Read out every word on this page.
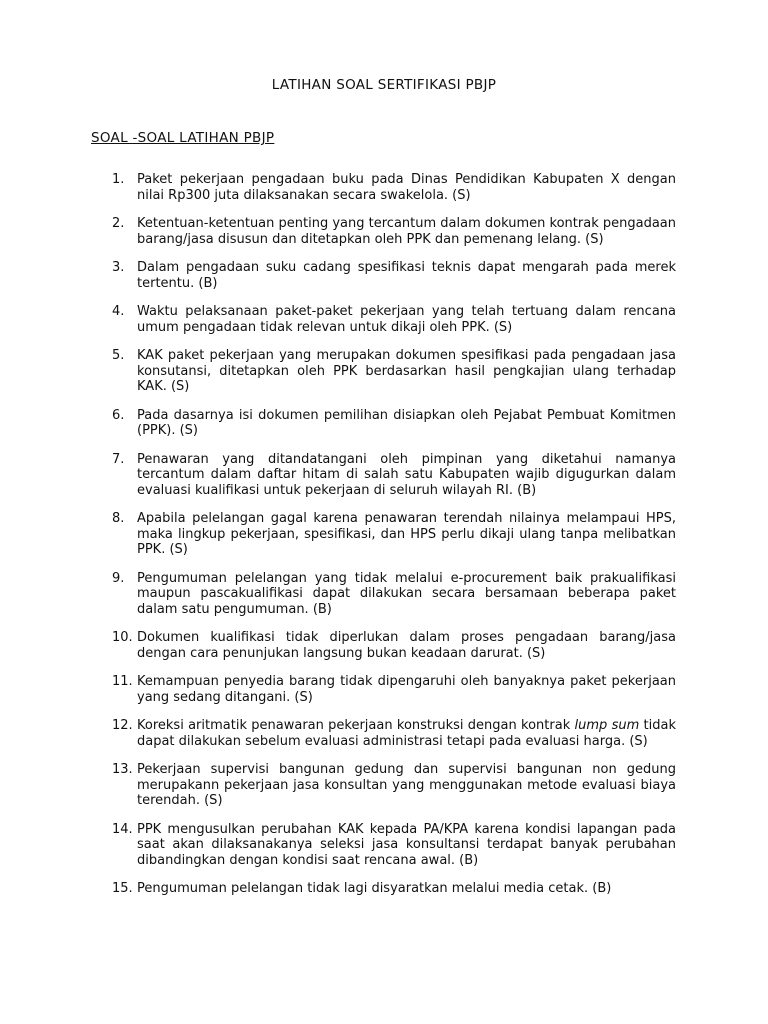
LATIHAN SOAL SERTIFIKASI PBJP
SOAL -SOAL LATIHAN PBJP
1. Paket pekerjaan pengadaan buku pada Dinas Pendidikan Kabupaten X dengan nilai Rp300 juta dilaksanakan secara swakelola. (S)
2. Ketentuan-ketentuan penting yang tercantum dalam dokumen kontrak pengadaan barang/jasa disusun dan ditetapkan oleh PPK dan pemenang lelang. (S)
3. Dalam pengadaan suku cadang spesifikasi teknis dapat mengarah pada merek tertentu. (B)
4. Waktu pelaksanaan paket-paket pekerjaan yang telah tertuang dalam rencana umum pengadaan tidak relevan untuk dikaji oleh PPK. (S)
5. KAK paket pekerjaan yang merupakan dokumen spesifikasi pada pengadaan jasa konsutansi, ditetapkan oleh PPK berdasarkan hasil pengkajian ulang terhadap KAK. (S)
6. Pada dasarnya isi dokumen pemilihan disiapkan oleh Pejabat Pembuat Komitmen (PPK). (S)
7. Penawaran yang ditandatangani oleh pimpinan yang diketahui namanya tercantum dalam daftar hitam di salah satu Kabupaten wajib digugurkan dalam evaluasi kualifikasi untuk pekerjaan di seluruh wilayah RI. (B)
8. Apabila pelelangan gagal karena penawaran terendah nilainya melampaui HPS, maka lingkup pekerjaan, spesifikasi, dan HPS perlu dikaji ulang tanpa melibatkan PPK. (S)
9. Pengumuman pelelangan yang tidak melalui e-procurement baik prakualifikasi maupun pascakualifikasi dapat dilakukan secara bersamaan beberapa paket dalam satu pengumuman. (B)
10. Dokumen kualifikasi tidak diperlukan dalam proses pengadaan barang/jasa dengan cara penunjukan langsung bukan keadaan darurat. (S)
11. Kemampuan penyedia barang tidak dipengaruhi oleh banyaknya paket pekerjaan yang sedang ditangani. (S)
12. Koreksi aritmatik penawaran pekerjaan konstruksi dengan kontrak lump sum tidak dapat dilakukan sebelum evaluasi administrasi tetapi pada evaluasi harga. (S)
13. Pekerjaan supervisi bangunan gedung dan supervisi bangunan non gedung merupakann pekerjaan jasa konsultan yang menggunakan metode evaluasi biaya terendah. (S)
14. PPK mengusulkan perubahan KAK kepada PA/KPA karena kondisi lapangan pada saat akan dilaksanakanya seleksi jasa konsultansi terdapat banyak perubahan dibandingkan dengan kondisi saat rencana awal. (B)
15. Pengumuman pelelangan tidak lagi disyaratkan melalui media cetak. (B)
